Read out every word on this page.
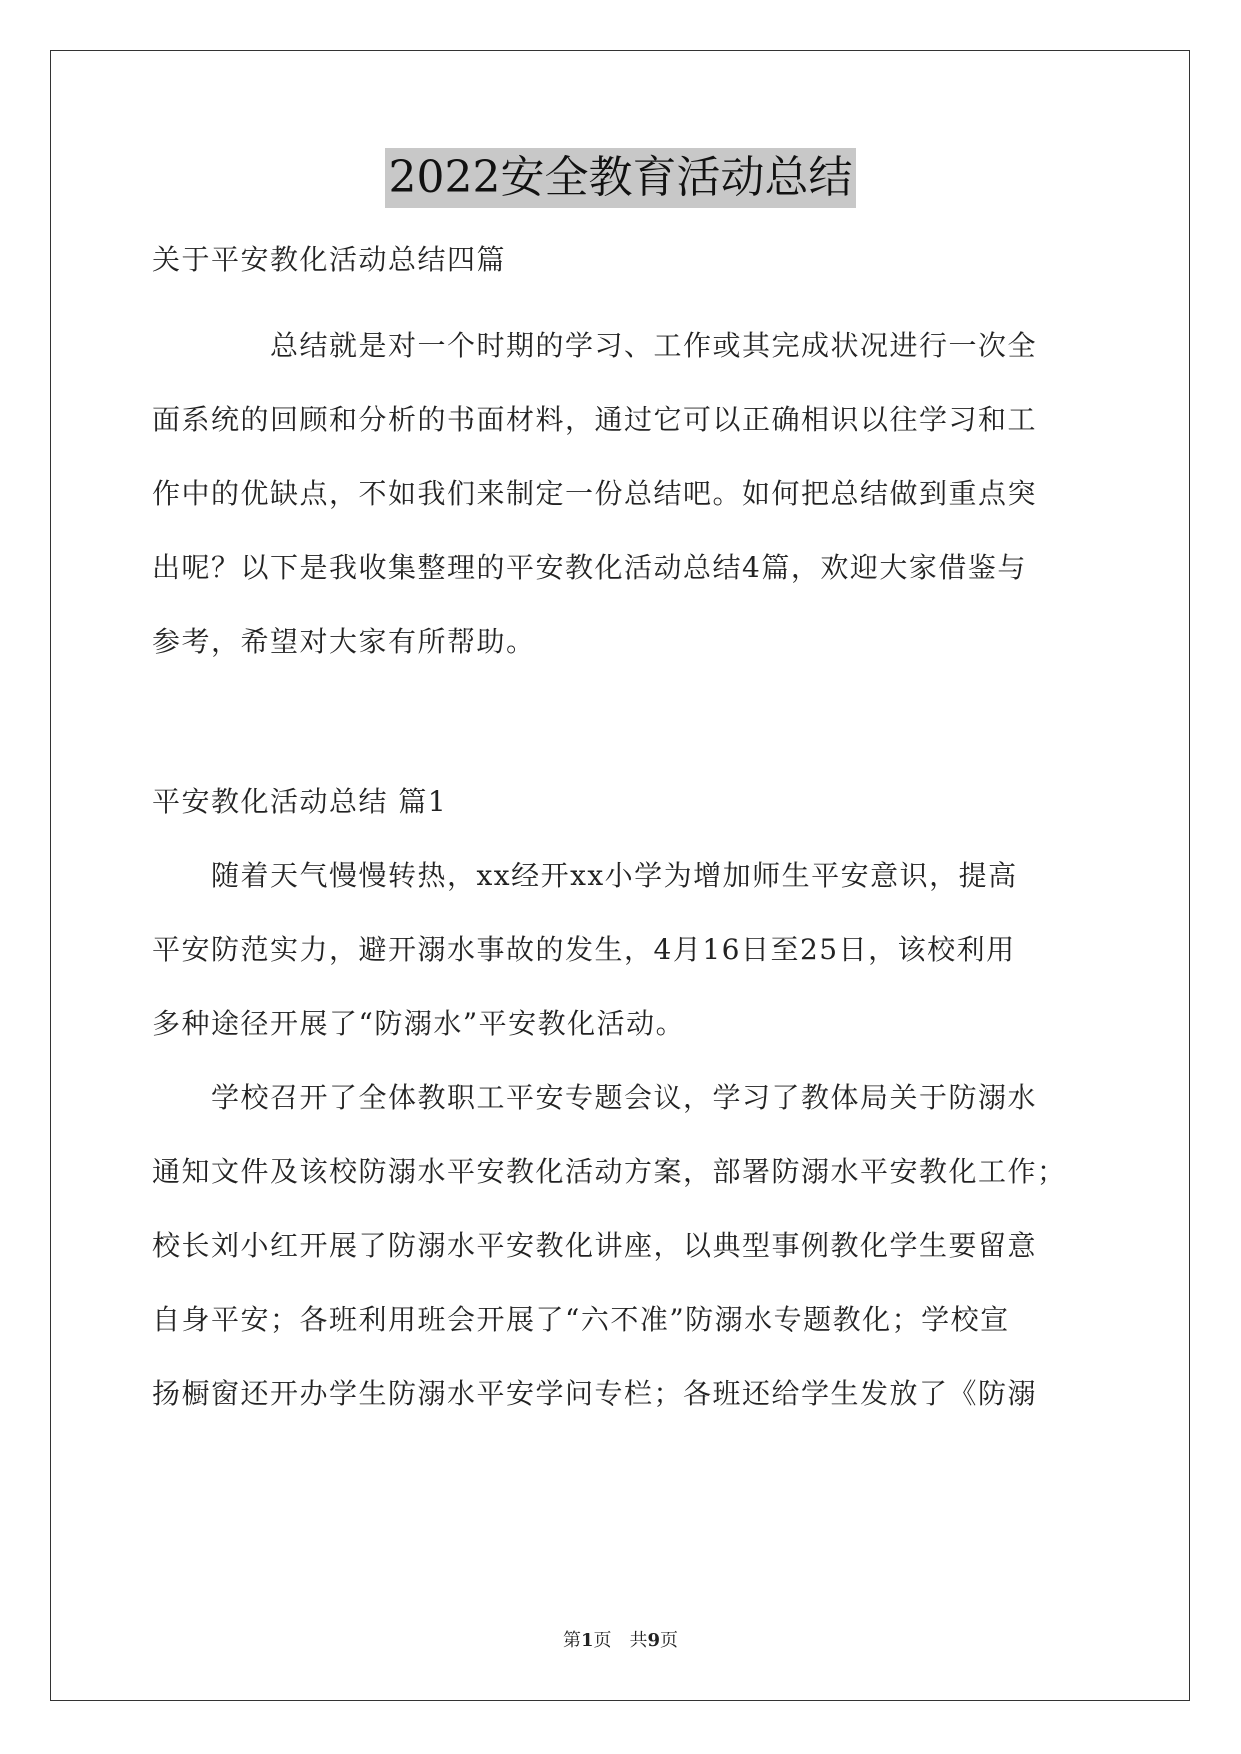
2022安全教育活动总结
关于平安教化活动总结四篇
　　　　总结就是对一个时期的学习、工作或其完成状况进行一次全
面系统的回顾和分析的书面材料，通过它可以正确相识以往学习和工
作中的优缺点，不如我们来制定一份总结吧。如何把总结做到重点突
出呢？以下是我收集整理的平安教化活动总结4篇，欢迎大家借鉴与
参考，希望对大家有所帮助。
平安教化活动总结 篇1
　　随着天气慢慢转热，xx经开xx小学为增加师生平安意识，提高
平安防范实力，避开溺水事故的发生，4月16日至25日，该校利用
多种途径开展了“防溺水”平安教化活动。
　　学校召开了全体教职工平安专题会议，学习了教体局关于防溺水
通知文件及该校防溺水平安教化活动方案，部署防溺水平安教化工作；
校长刘小红开展了防溺水平安教化讲座，以典型事例教化学生要留意
自身平安；各班利用班会开展了“六不准”防溺水专题教化；学校宣
扬橱窗还开办学生防溺水平安学问专栏；各班还给学生发放了《防溺
第1页　共9页
